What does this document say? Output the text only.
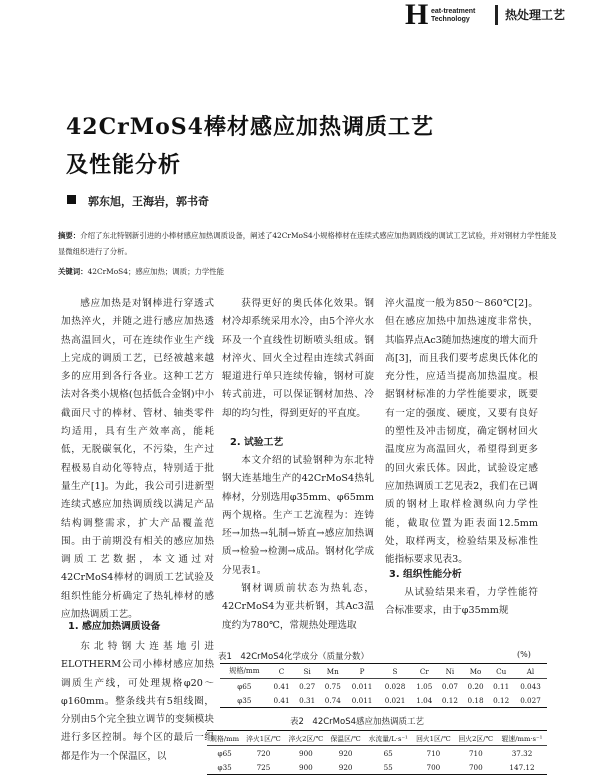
H eat-treatment
Technology	热处理工艺
42CrMoS4棒材感应加热调质工艺
及性能分析
郭东旭，王海岩，郭书奇
摘要：介绍了东北特钢新引进的小棒材感应加热调质设备，阐述了42CrMoS4小规格棒材在连续式感应加热调质线的调试工艺试验，并对钢材力学性能及显微组织进行了分析。
关键词：42CrMoS4；感应加热；调质；力学性能

感应加热是对钢棒进行穿透式加热淬火，并随之进行感应加热透热高温回火，可在连续作业生产线上完成的调质工艺，已经被越来越多的应用到各行各业。这种工艺方法对各类小规格(包括低合金钢)中小截面尺寸的棒材、管材、轴类零件均适用，具有生产效率高，能耗低，无脱碳氧化，不污染，生产过程极易自动化等特点，特别适于批量生产[1]。为此，我公司引进新型连续式感应加热调质线以满足产品结构调整需求，扩大产品覆盖范围。由于前期没有相关的感应加热调质工艺数据，本文通过对42CrMoS4棒材的调质工艺试验及组织性能分析确定了热轧棒材的感应加热调质工艺。

1. 感应加热调质设备

东北特钢大连基地引进ELOTHERM公司小棒材感应加热调质生产线，可处理规格φ20～φ160mm。整条线共有5组线圈，分别由5个完全独立调节的变频模块进行多区控制。每个区的最后一组都是作为一个保温区，以

获得更好的奥氏体化效果。钢材冷却系统采用水冷，由5个淬火水环及一个直线性切断喷头组成。钢材淬火、回火全过程由连续式斜面辊道进行单只连续传输，钢材可旋转式前进，可以保证钢材加热、冷却的均匀性，得到更好的平直度。

2. 试验工艺

本文介绍的试验钢种为东北特钢大连基地生产的42CrMoS4热轧棒材，分别选用φ35mm、φ65mm两个规格。生产工艺流程为：连铸坯→加热→轧制→矫直→感应加热调质→检验→检测→成品。钢材化学成分见表1。

钢材调质前状态为热轧态，42CrMoS4为亚共析钢，其Ac3温度约为780℃，常规热处理选取

淬火温度一般为850～860℃[2]。但在感应加热中加热速度非常快，其临界点Ac3随加热速度的增大而升高[3]，而且我们要考虑奥氏体化的充分性，应适当提高加热温度。根据钢材标准的力学性能要求，既要有一定的强度、硬度，又要有良好的塑性及冲击韧度，确定钢材回火温度应为高温回火，希望得到更多的回火索氏体。因此，试验设定感应加热调质工艺见表2，我们在已调质的钢材上取样检测纵向力学性能，截取位置为距表面12.5mm处，取样两支，检验结果及标准性能指标要求见表3。

3. 组织性能分析

从试验结果来看，力学性能符合标准要求，由于φ35mm规

表1　42CrMoS4化学成分（质量分数）	(%)
规格/mm	C	Si	Mn	P	S	Cr	Ni	Mo	Cu	Al
φ65	0.41	0.27	0.75	0.011	0.028	1.05	0.07	0.20	0.11	0.043
φ35	0.41	0.31	0.74	0.011	0.021	1.04	0.12	0.18	0.12	0.027
表2　42CrMoS4感应加热调质工艺
规格/mm	淬火1区/℃	淬火2区/℃	保温区/℃	水流量/L·s⁻¹	回火1区/℃	回火2区/℃	辊速/mm·s⁻¹
φ65	720	900	920	65	710	710	37.32
φ35	725	900	920	55	700	700	147.12
